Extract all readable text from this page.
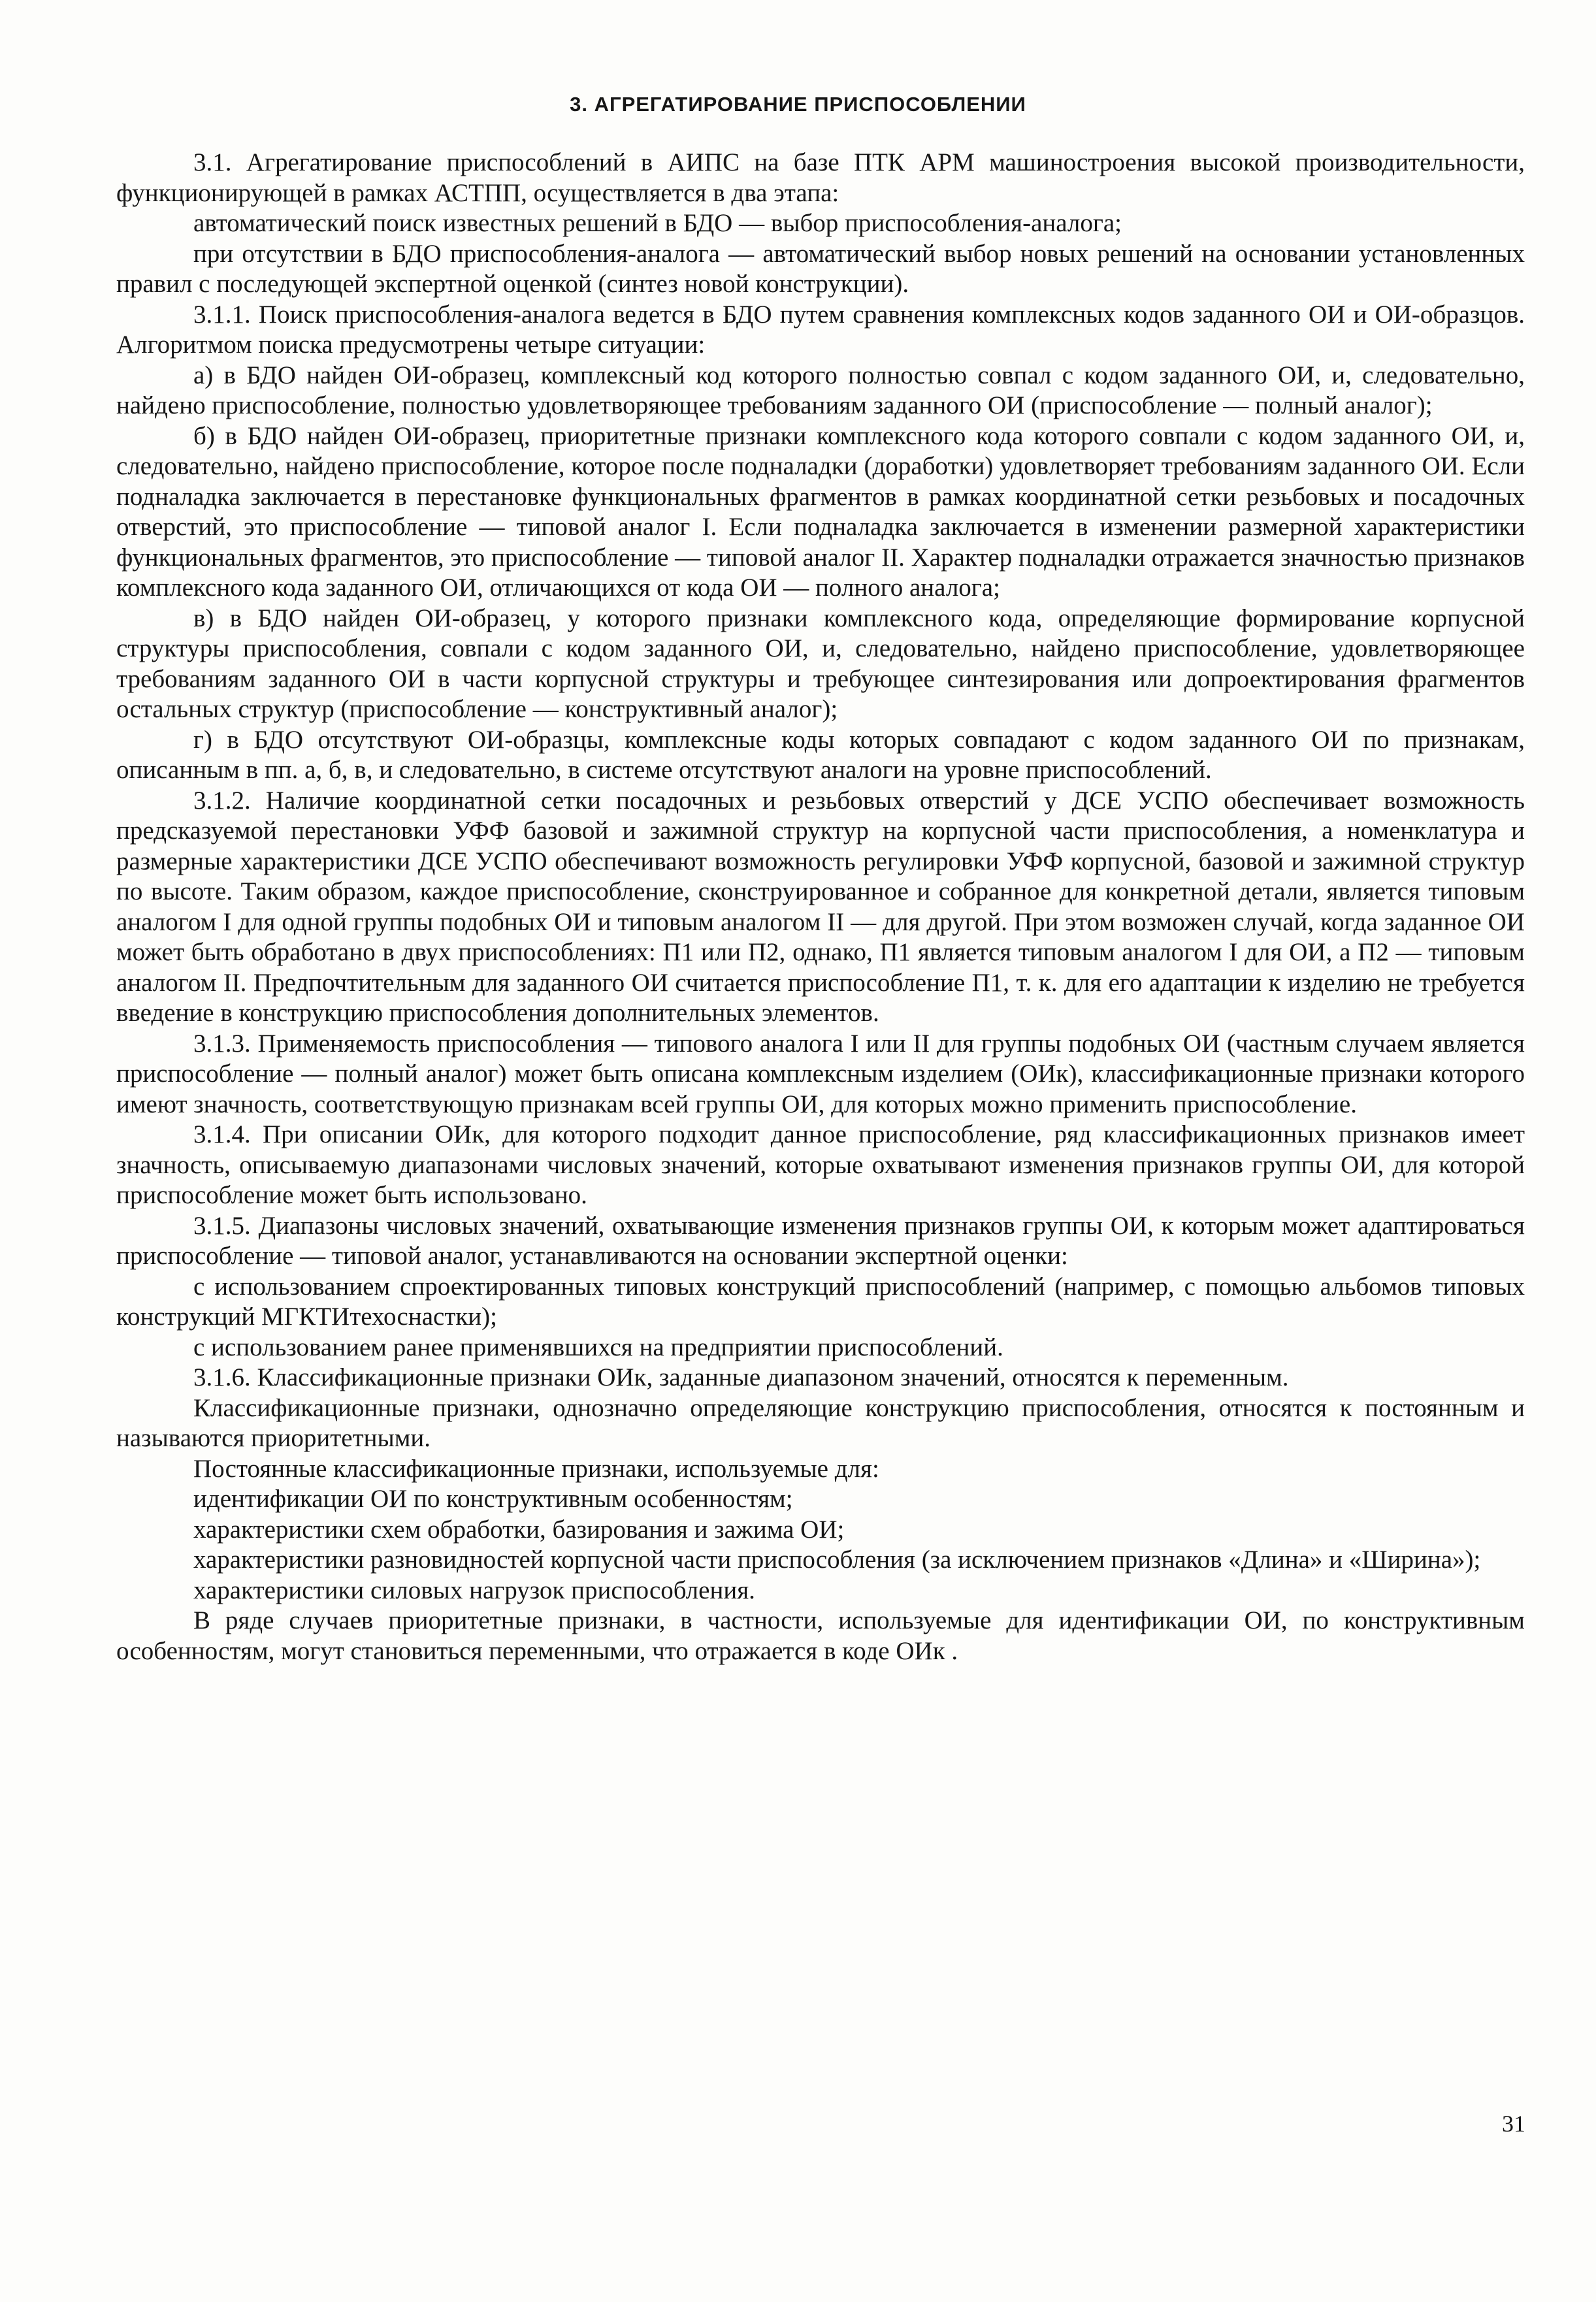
3. АГРЕГАТИРОВАНИЕ ПРИСПОСОБЛЕНИИ

3.1. Агрегатирование приспособлений в АИПС на базе ПТК АРМ машиностроения высокой производительности, функционирующей в рамках АСТПП, осуществляется в два этапа:

автоматический поиск известных решений в БДО — выбор приспособления-аналога;

при отсутствии в БДО приспособления-аналога — автоматический выбор новых решений на основании установленных правил с последующей экспертной оценкой (синтез новой конструкции).

3.1.1. Поиск приспособления-аналога ведется в БДО путем сравнения комплексных кодов заданного ОИ и ОИ-образцов. Алгоритмом поиска предусмотрены четыре ситуации:

а) в БДО найден ОИ-образец, комплексный код которого полностью совпал с кодом заданного ОИ, и, следовательно, найдено приспособление, полностью удовлетворяющее требованиям заданного ОИ (приспособление — полный аналог);

б) в БДО найден ОИ-образец, приоритетные признаки комплексного кода которого совпали с кодом заданного ОИ, и, следовательно, найдено приспособление, которое после подналадки (доработки) удовлетворяет требованиям заданного ОИ. Если подналадка заключается в перестановке функциональных фрагментов в рамках координатной сетки резьбовых и посадочных отверстий, это приспособление — типовой аналог I. Если подналадка заключается в изменении размерной характеристики функциональных фрагментов, это приспособление — типовой аналог II. Характер подналадки отражается значностью признаков комплексного кода заданного ОИ, отличающихся от кода ОИ — полного аналога;

в) в БДО найден ОИ-образец, у которого признаки комплексного кода, определяющие формирование корпусной структуры приспособления, совпали с кодом заданного ОИ, и, следовательно, найдено приспособление, удовлетворяющее требованиям заданного ОИ в части корпусной структуры и требующее синтезирования или допроектирования фрагментов остальных структур (приспособление — конструктивный аналог);

г) в БДО отсутствуют ОИ-образцы, комплексные коды которых совпадают с кодом заданного ОИ по признакам, описанным в пп. а, б, в, и следовательно, в системе отсутствуют аналоги на уровне приспособлений.

3.1.2. Наличие координатной сетки посадочных и резьбовых отверстий у ДСЕ УСПО обеспечивает возможность предсказуемой перестановки УФФ базовой и зажимной структур на корпусной части приспособления, а номенклатура и размерные характеристики ДСЕ УСПО обеспечивают возможность регулировки УФФ корпусной, базовой и зажимной структур по высоте. Таким образом, каждое приспособление, сконструированное и собранное для конкретной детали, является типовым аналогом I для одной группы подобных ОИ и типовым аналогом II — для другой. При этом возможен случай, когда заданное ОИ может быть обработано в двух приспособлениях: П1 или П2, однако, П1 является типовым аналогом I для ОИ, а П2 — типовым аналогом II. Предпочтительным для заданного ОИ считается приспособление П1, т. к. для его адаптации к изделию не требуется введение в конструкцию приспособления дополнительных элементов.

3.1.3. Применяемость приспособления — типового аналога I или II для группы подобных ОИ (частным случаем является приспособление — полный аналог) может быть описана комплексным изделием (ОИк), классификационные признаки которого имеют значность, соответствующую признакам всей группы ОИ, для которых можно применить приспособление.

3.1.4. При описании ОИк, для которого подходит данное приспособление, ряд классификационных признаков имеет значность, описываемую диапазонами числовых значений, которые охватывают изменения признаков группы ОИ, для которой приспособление может быть использовано.

3.1.5. Диапазоны числовых значений, охватывающие изменения признаков группы ОИ, к которым может адаптироваться приспособление — типовой аналог, устанавливаются на основании экспертной оценки:

с использованием спроектированных типовых конструкций приспособлений (например, с помощью альбомов типовых конструкций МГКТИтехоснастки);

с использованием ранее применявшихся на предприятии приспособлений.

3.1.6. Классификационные признаки ОИк, заданные диапазоном значений, относятся к переменным.

Классификационные признаки, однозначно определяющие конструкцию приспособления, относятся к постоянным и называются приоритетными.

Постоянные классификационные признаки, используемые для:

идентификации ОИ по конструктивным особенностям;

характеристики схем обработки, базирования и зажима ОИ;

характеристики разновидностей корпусной части приспособления (за исключением признаков «Длина» и «Ширина»);

характеристики силовых нагрузок приспособления.

В ряде случаев приоритетные признаки, в частности, используемые для идентификации ОИ, по конструктивным особенностям, могут становиться переменными, что отражается в коде ОИк .

31
